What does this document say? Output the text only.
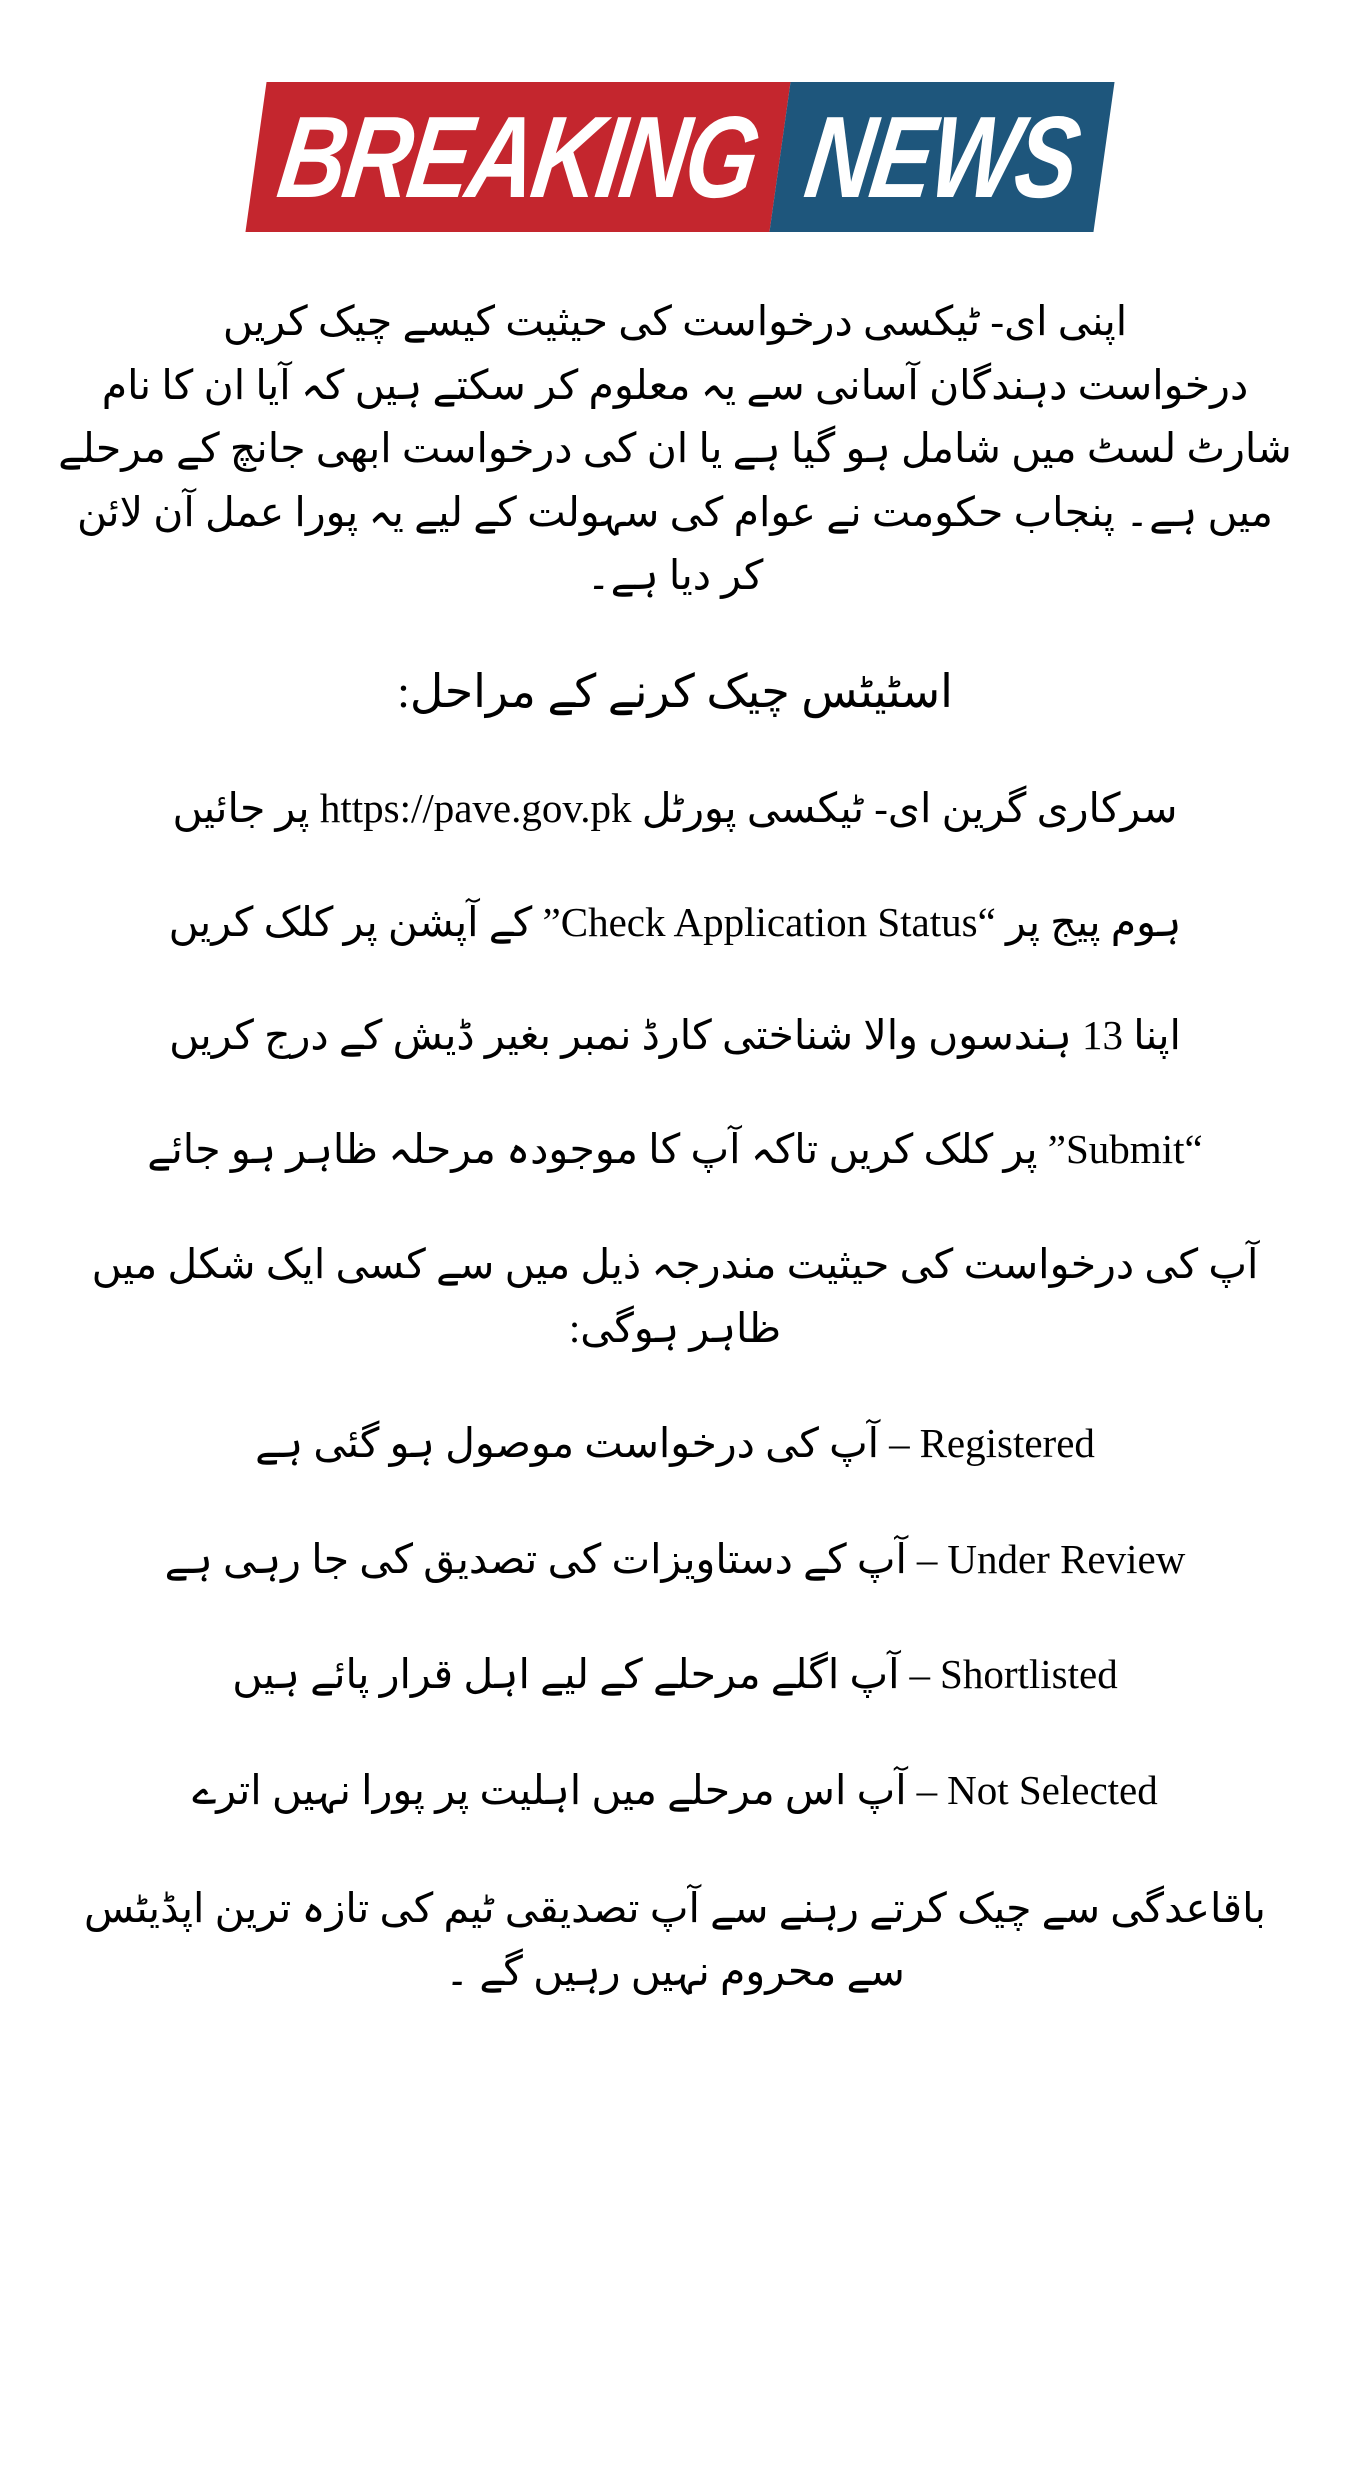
BREAKING NEWS

اپنی ای- ٹیکسی درخواست کی حیثیت کیسے چیک کریں

درخواست دہندگان آسانی سے یہ معلوم کر سکتے ہیں کہ آیا ان کا نام شارٹ لسٹ میں شامل ہو گیا ہے یا ان کی درخواست ابھی جانچ کے مرحلے میں ہے۔ پنجاب حکومت نے عوام کی سہولت کے لیے یہ پورا عمل آن لائن کر دیا ہے۔

اسٹیٹس چیک کرنے کے مراحل:

سرکاری گرین ای- ٹیکسی پورٹل https://pave.gov.pk پر جائیں

ہوم پیج پر “Check Application Status” کے آپشن پر کلک کریں

اپنا 13 ہندسوں والا شناختی کارڈ نمبر بغیر ڈیش کے درج کریں

“Submit” پر کلک کریں تاکہ آپ کا موجودہ مرحلہ ظاہر ہو جائے

آپ کی درخواست کی حیثیت مندرجہ ذیل میں سے کسی ایک شکل میں ظاہر ہوگی:

Registered–آپ کی درخواست موصول ہو گئی ہے

Under Review–آپ کے دستاویزات کی تصدیق کی جا رہی ہے

Shortlisted–آپ اگلے مرحلے کے لیے اہل قرار پائے ہیں

Not Selected–آپ اس مرحلے میں اہلیت پر پورا نہیں اترے

باقاعدگی سے چیک کرتے رہنے سے آپ تصدیقی ٹیم کی تازہ ترین اپڈیٹس سے محروم نہیں رہیں گے ۔
